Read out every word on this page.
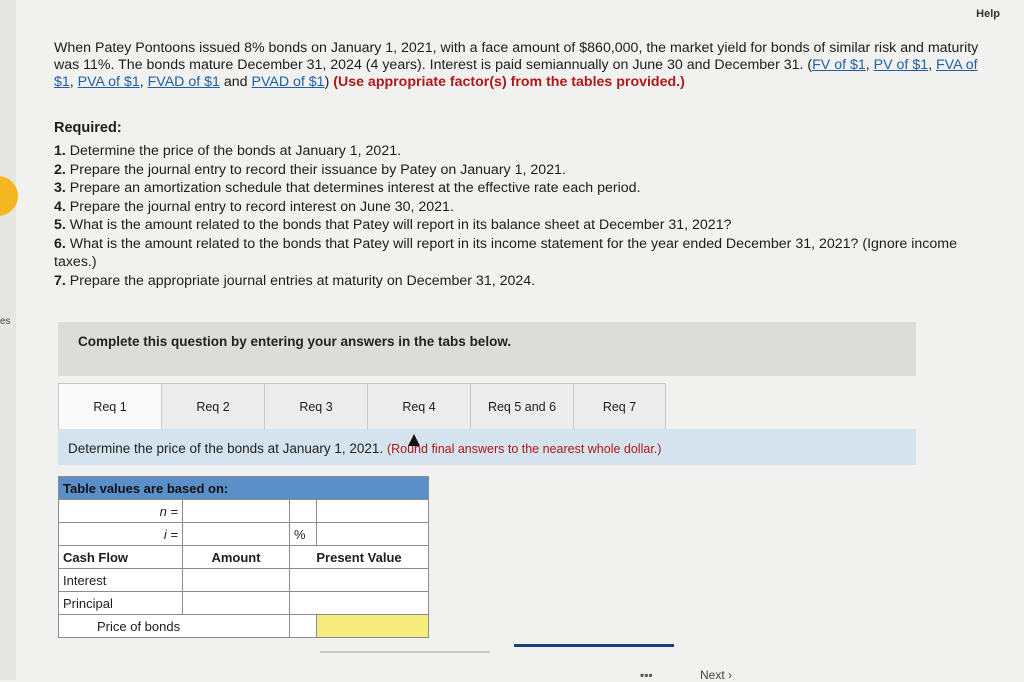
es
Help
When Patey Pontoons issued 8% bonds on January 1, 2021, with a face amount of $860,000, the market yield for bonds of similar risk and maturity was 11%. The bonds mature December 31, 2024 (4 years). Interest is paid semiannually on June 30 and December 31. (FV of $1, PV of $1, FVA of $1, PVA of $1, FVAD of $1 and PVAD of $1) (Use appropriate factor(s) from the tables provided.)
Required:
1. Determine the price of the bonds at January 1, 2021.
2. Prepare the journal entry to record their issuance by Patey on January 1, 2021.
3. Prepare an amortization schedule that determines interest at the effective rate each period.
4. Prepare the journal entry to record interest on June 30, 2021.
5. What is the amount related to the bonds that Patey will report in its balance sheet at December 31, 2021?
6. What is the amount related to the bonds that Patey will report in its income statement for the year ended December 31, 2021? (Ignore income taxes.)
7. Prepare the appropriate journal entries at maturity on December 31, 2024.
Complete this question by entering your answers in the tabs below.
Req 1	Req 2	Req 3	Req 4	Req 5 and 6	Req 7
Determine the price of the bonds at January 1, 2021. (Round final answers to the nearest whole dollar.)
Table values are based on:			
n =			
i =		%	
Cash Flow	Amount	Present Value	
Interest		
Principal		
Price of bonds		
▪▪▪	Next ›
